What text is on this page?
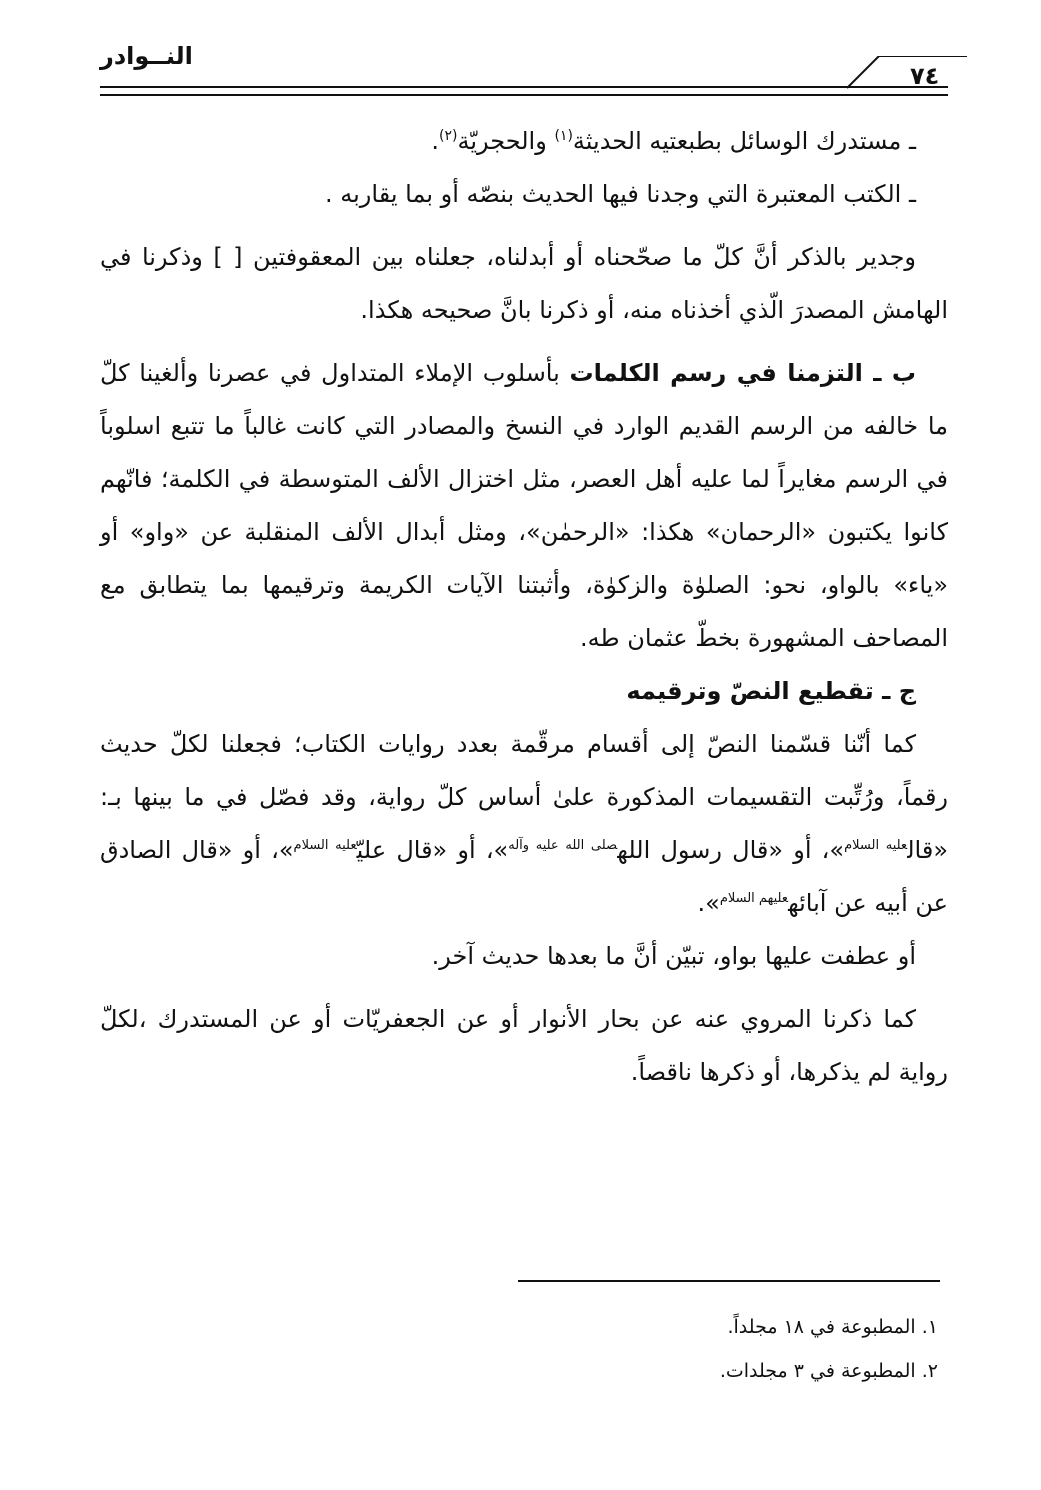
النــوادر
٧٤

ـ مستدرك الوسائل بطبعتيه الحديثة$^{(١)}$ والحجريّة$^{(٢)}$.

ـ الكتب المعتبرة التي وجدنا فيها الحديث بنصّه أو بما يقاربه .

وجدير بالذكر أنَّ كلّ ما صحّحناه أو أبدلناه، جعلناه بين المعقوفتين [ ] وذكرنا في الهامش المصدرَ الّذي أخذناه منه، أو ذكرنا بانَّ صحيحه هكذا.

ب ـ التزمنا في رسم الكلمات بأسلوب الإملاء المتداول في عصرنا وألغينا كلّ ما خالفه من الرسم القديم الوارد في النسخ والمصادر التي كانت غالباً ما تتبع اسلوباً في الرسم مغايراً لما عليه أهل العصر، مثل اختزال الألف المتوسطة في الكلمة؛ فانّهم كانوا يكتبون «الرحمان» هكذا: «الرحمٰن»، ومثل أبدال الألف المنقلبة عن «واو» أو «ياء» بالواو، نحو: الصلوٰة والزكوٰة، وأثبتنا الآيات الكريمة وترقيمها بما يتطابق مع المصاحف المشهورة بخطّ عثمان طه.

ج ـ تقطيع النصّ وترقيمه

كما أنّنا قسّمنا النصّ إلى أقسام مرقّمة بعدد روايات الكتاب؛ فجعلنا لكلّ حديث رقماً، ورُتِّبت التقسيمات المذكورة علىٰ أساس كلّ رواية، وقد فصّل في ما بينها بـ: «قال$^{عليه السلام}$»، أو «قال رسول الله$^{صلى الله عليه وآله}$»، أو «قال عليّ$^{عليه السلام}$»، أو «قال الصادق عن أبيه عن آبائه$^{عليهم السلام}$».

أو عطفت عليها بواو، تبيّن أنَّ ما بعدها حديث آخر.

كما ذكرنا المروي عنه عن بحار الأنوار أو عن الجعفريّات أو عن المستدرك ،لكلّ رواية لم يذكرها، أو ذكرها ناقصاً.

١. المطبوعة في ١٨ مجلداً.
٢. المطبوعة في ٣ مجلدات.
